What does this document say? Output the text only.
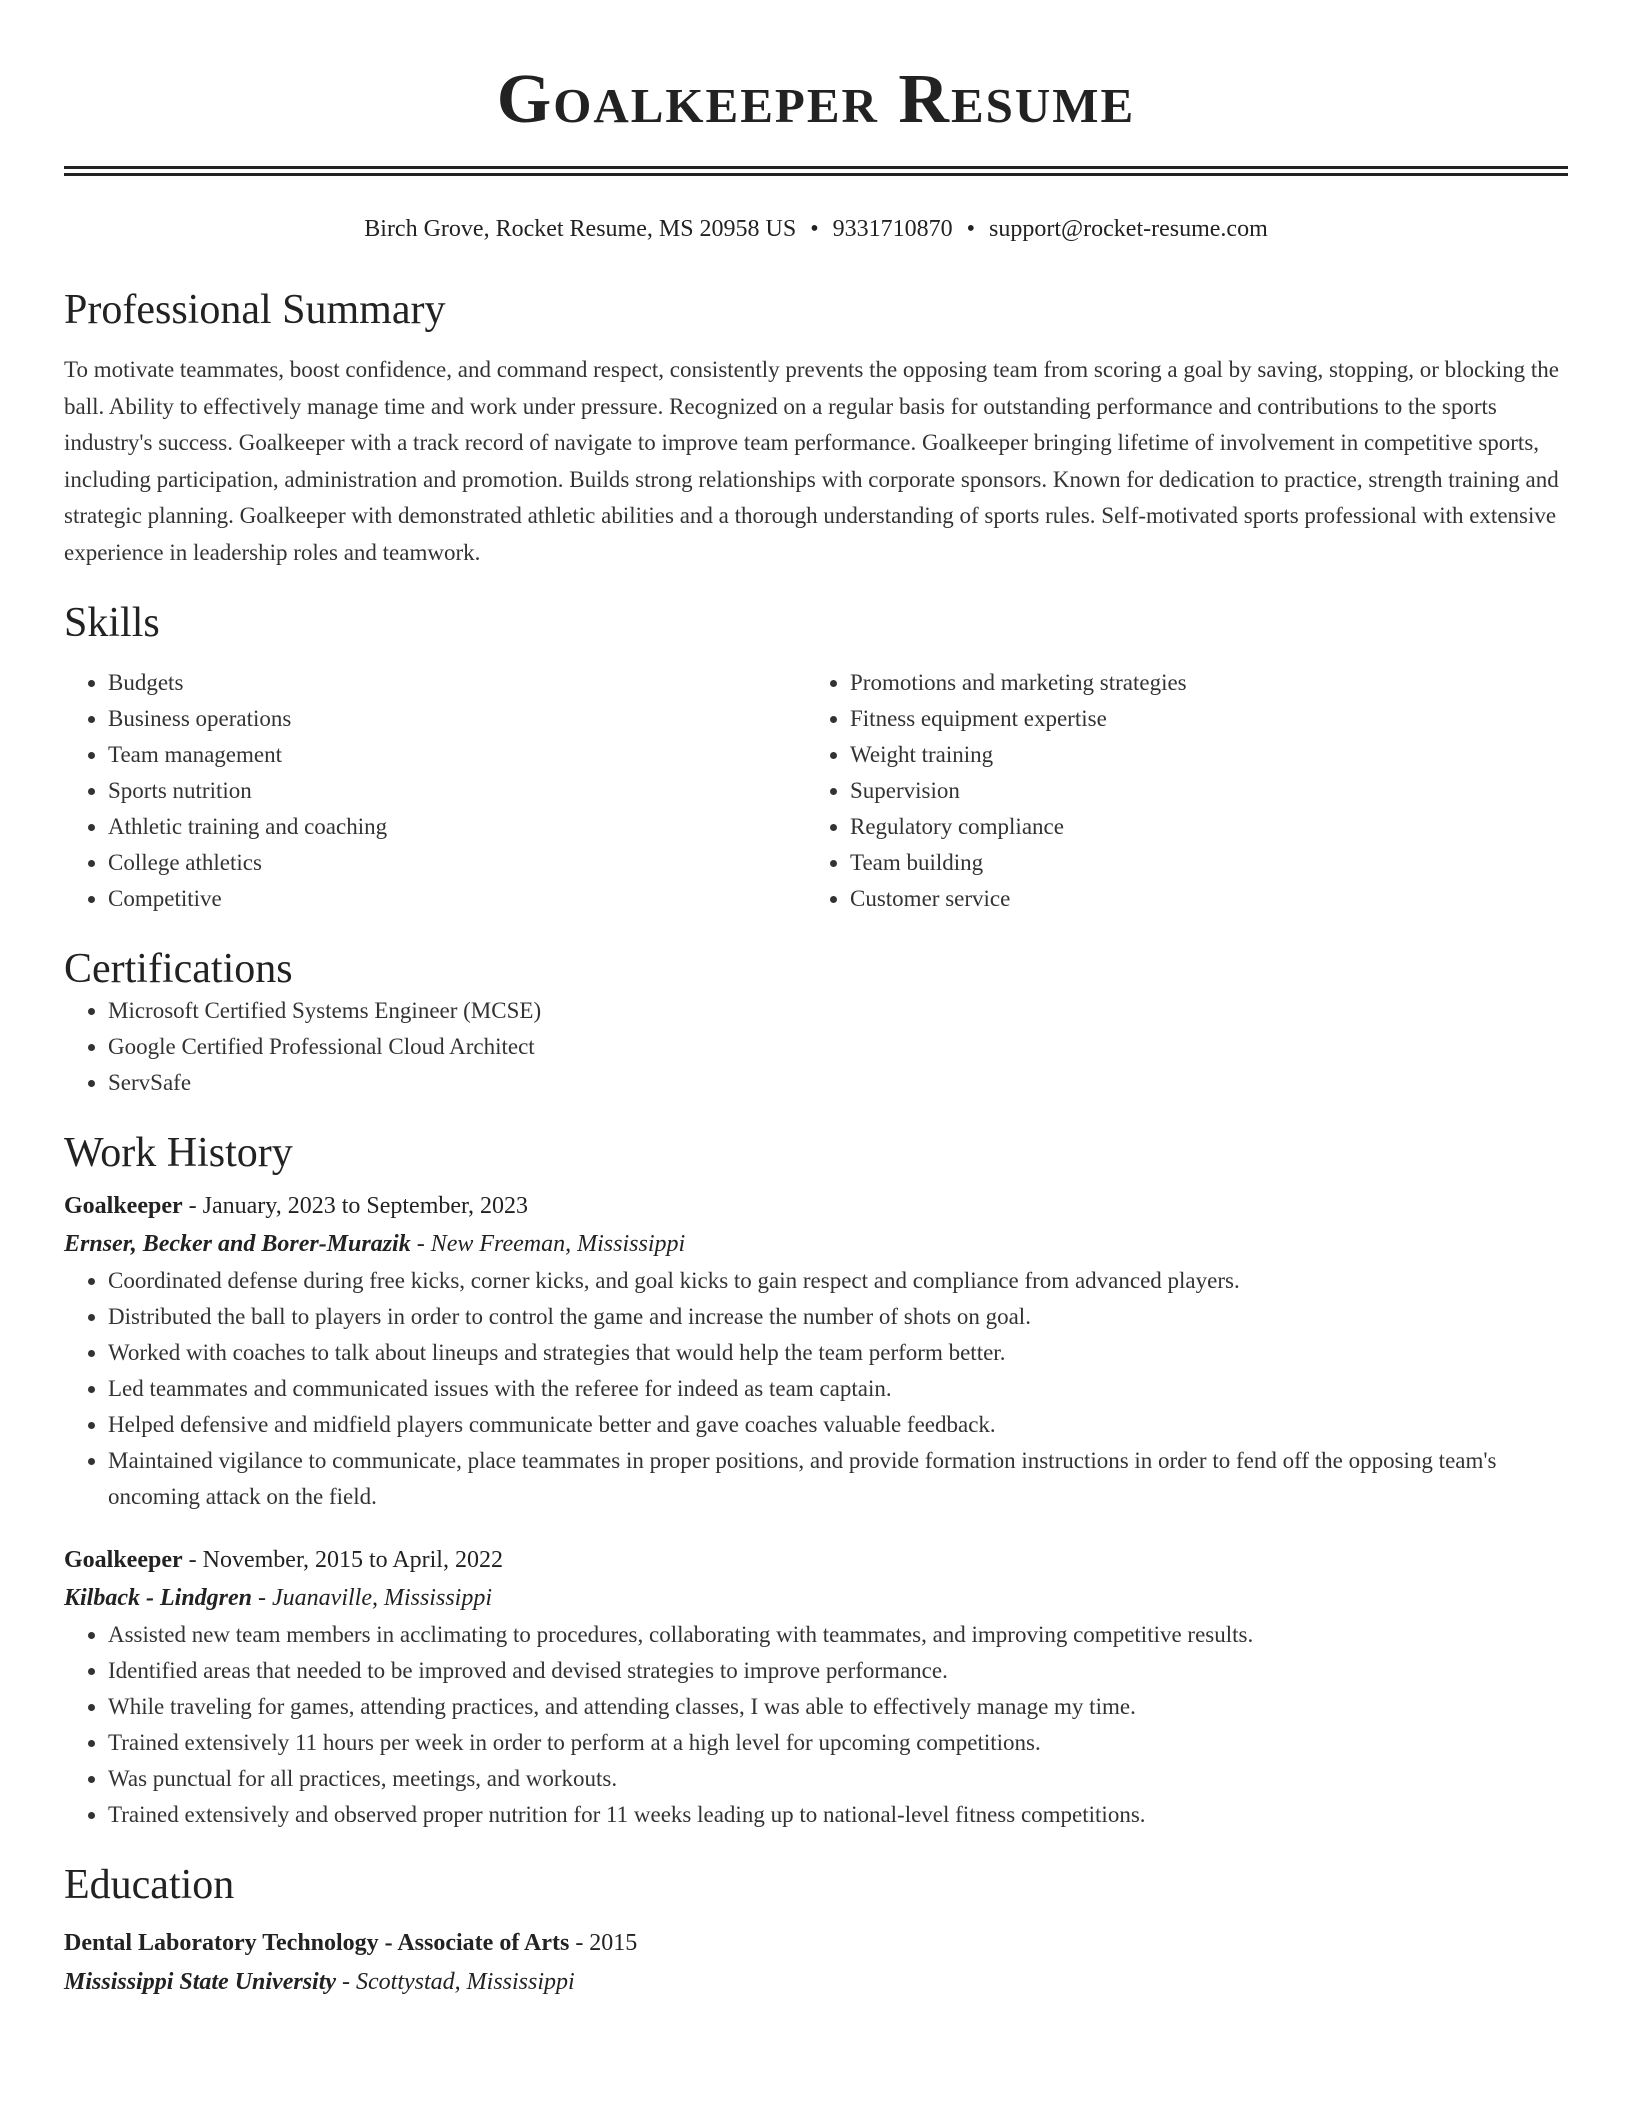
Goalkeeper Resume
Birch Grove, Rocket Resume, MS 20958 US • 9331710870 • support@rocket-resume.com
Professional Summary

To motivate teammates, boost confidence, and command respect, consistently prevents the opposing team from scoring a goal by saving, stopping, or blocking the ball. Ability to effectively manage time and work under pressure. Recognized on a regular basis for outstanding performance and contributions to the sports industry's success. Goalkeeper with a track record of navigate to improve team performance. Goalkeeper bringing lifetime of involvement in competitive sports, including participation, administration and promotion. Builds strong relationships with corporate sponsors. Known for dedication to practice, strength training and strategic planning. Goalkeeper with demonstrated athletic abilities and a thorough understanding of sports rules. Self-motivated sports professional with extensive experience in leadership roles and teamwork.

Skills
• Budgets
• Business operations
• Team management
• Sports nutrition
• Athletic training and coaching
• College athletics
• Competitive
• Promotions and marketing strategies
• Fitness equipment expertise
• Weight training
• Supervision
• Regulatory compliance
• Team building
• Customer service
Certifications
• Microsoft Certified Systems Engineer (MCSE)
• Google Certified Professional Cloud Architect
• ServSafe
Work History
Goalkeeper - January, 2023 to September, 2023
Ernser, Becker and Borer-Murazik - New Freeman, Mississippi
• Coordinated defense during free kicks, corner kicks, and goal kicks to gain respect and compliance from advanced players.
• Distributed the ball to players in order to control the game and increase the number of shots on goal.
• Worked with coaches to talk about lineups and strategies that would help the team perform better.
• Led teammates and communicated issues with the referee for indeed as team captain.
• Helped defensive and midfield players communicate better and gave coaches valuable feedback.
• Maintained vigilance to communicate, place teammates in proper positions, and provide formation instructions in order to fend off the opposing team's oncoming attack on the field.
Goalkeeper - November, 2015 to April, 2022
Kilback - Lindgren - Juanaville, Mississippi
• Assisted new team members in acclimating to procedures, collaborating with teammates, and improving competitive results.
• Identified areas that needed to be improved and devised strategies to improve performance.
• While traveling for games, attending practices, and attending classes, I was able to effectively manage my time.
• Trained extensively 11 hours per week in order to perform at a high level for upcoming competitions.
• Was punctual for all practices, meetings, and workouts.
• Trained extensively and observed proper nutrition for 11 weeks leading up to national-level fitness competitions.
Education
Dental Laboratory Technology - Associate of Arts - 2015
Mississippi State University - Scottystad, Mississippi
